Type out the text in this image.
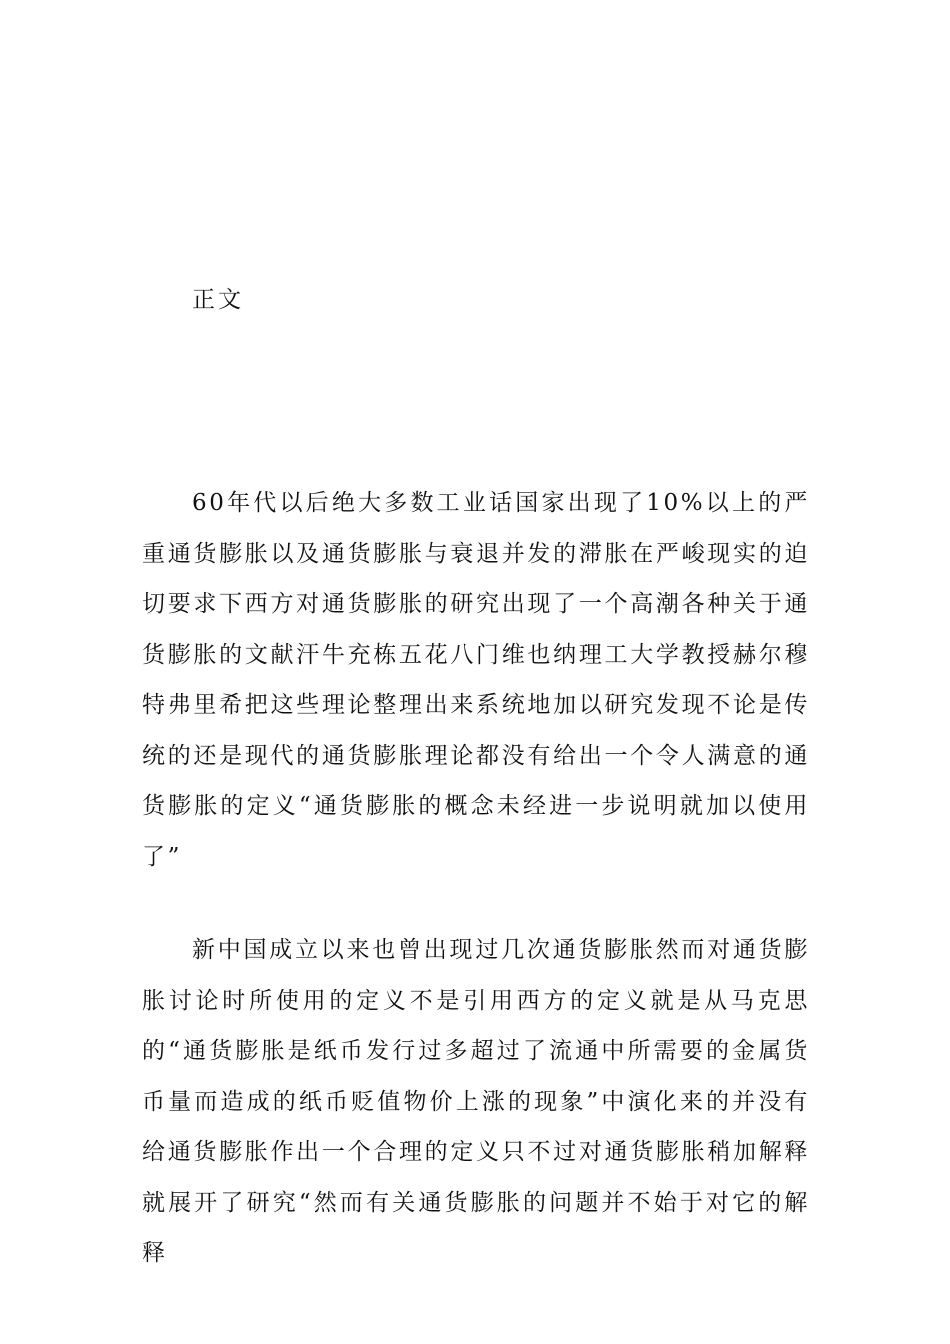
正文

60年代以后绝大多数工业话国家出现了10%以上的严重通货膨胀以及通货膨胀与衰退并发的滞胀在严峻现实的迫切要求下西方对通货膨胀的研究出现了一个高潮各种关于通货膨胀的文献汗牛充栋五花八门维也纳理工大学教授赫尔穆特弗里希把这些理论整理出来系统地加以研究发现不论是传统的还是现代的通货膨胀理论都没有给出一个令人满意的通货膨胀的定义“通货膨胀的概念未经进一步说明就加以使用了”

新中国成立以来也曾出现过几次通货膨胀然而对通货膨胀讨论时所使用的定义不是引用西方的定义就是从马克思的“通货膨胀是纸币发行过多超过了流通中所需要的金属货币量而造成的纸币贬值物价上涨的现象”中演化来的并没有给通货膨胀作出一个合理的定义只不过对通货膨胀稍加解释就展开了研究“然而有关通货膨胀的问题并不始于对它的解释
